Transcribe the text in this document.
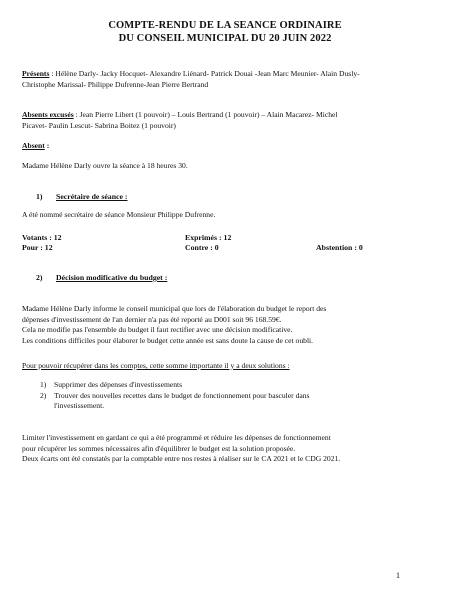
COMPTE-RENDU DE LA SEANCE ORDINAIRE
DU CONSEIL MUNICIPAL DU 20 JUIN 2022
Présents : Hélène Darly- Jacky Hocquet- Alexandre Liénard- Patrick Douai -Jean Marc Meunier- Alain Dusly-
Christophe Marissal- Philippe Dufrenne-Jean Pierre Bertrand
Absents excusés : Jean Pierre Libert (1 pouvoir) – Louis Bertrand (1 pouvoir) – Alain Macarez- Michel
Picavet- Paulin Lescut- Sabrina Boitez (1 pouvoir)
Absent :
Madame Hélène Darly ouvre la séance à 18 heures 30.
1) Secrétaire de séance :
A été nommé secrétaire de séance Monsieur Philippe Dufrenne.
Votants : 12	Exprimés : 12
Pour : 12	Contre : 0	Abstention : 0
2) Décision modificative du budget :
Madame Hélène Darly informe le conseil municipal que lors de l'élaboration du budget le report des
dépenses d'investissement de l'an dernier n'a pas été reporté au D001 soit 96 168.59€.
Cela ne modifie pas l'ensemble du budget il faut rectifier avec une décision modificative.
Les conditions difficiles pour élaborer le budget cette année est sans doute la cause de cet oubli.
Pour pouvoir récupérer dans les comptes, cette somme importante il y a deux solutions :
1) Supprimer des dépenses d'investissements
2) Trouver des nouvelles recettes dans le budget de fonctionnement pour basculer dans
l'investissement.
Limiter l'investissement en gardant ce qui a été programmé et réduire les dépenses de fonctionnement
pour récupérer les sommes nécessaires afin d'équilibrer le budget est la solution proposée.
Deux écarts ont été constatés par la comptable entre nos restes à réaliser sur le CA 2021 et le CDG 2021.
1
